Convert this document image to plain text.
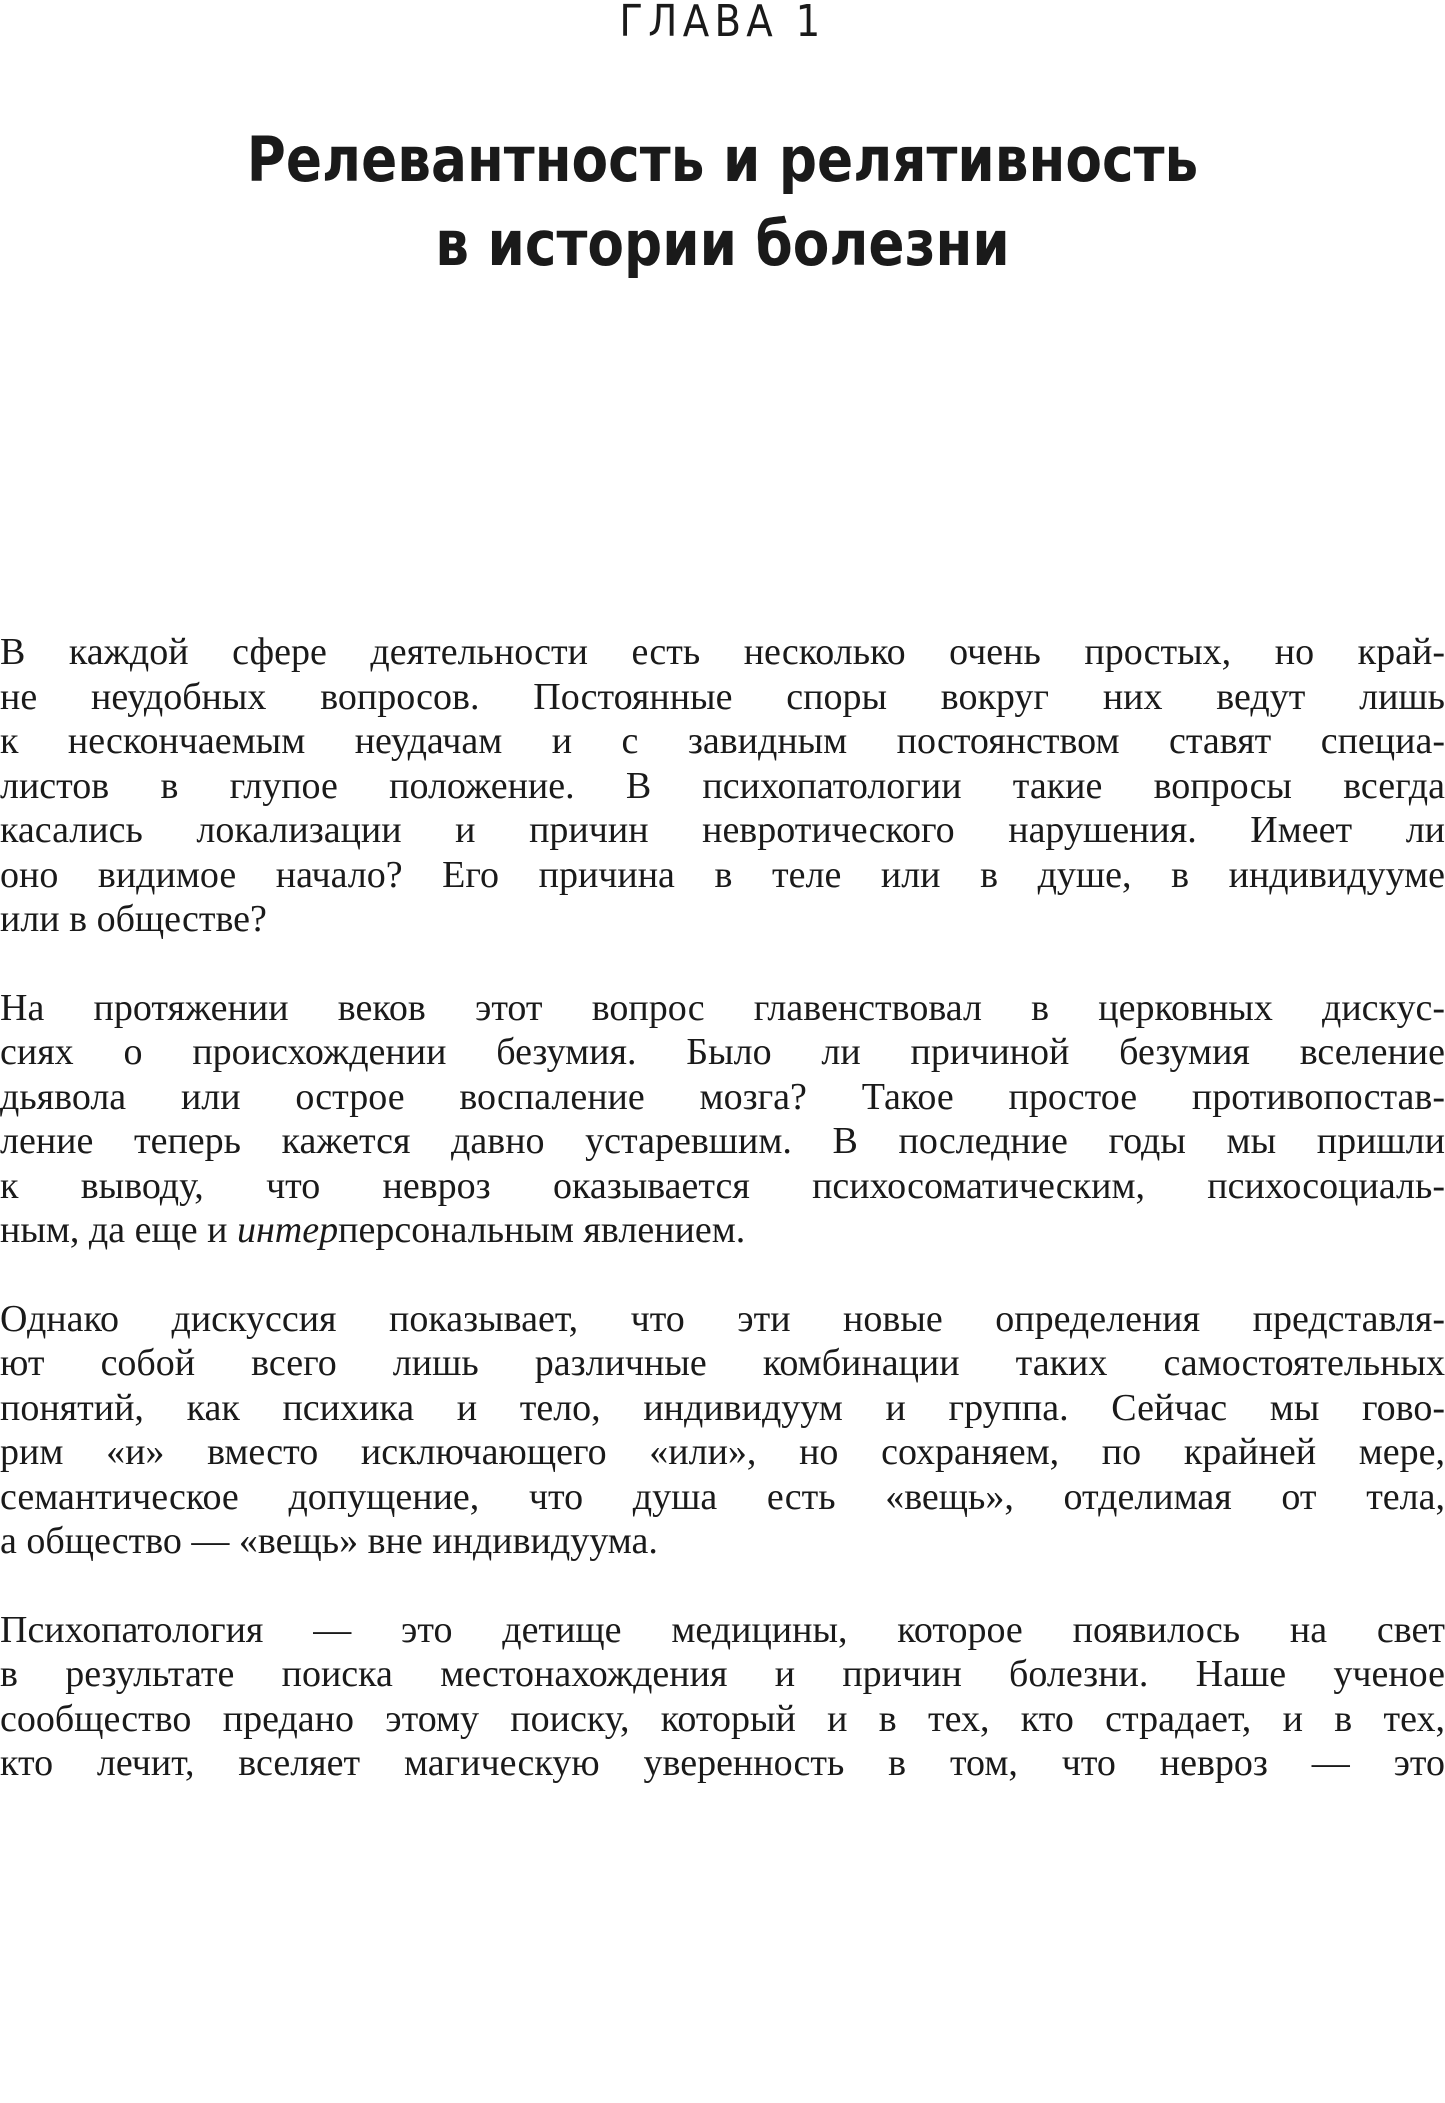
ГЛАВА 1
Релевантность и релятивность
в истории болезни

В каждой сфере деятельности есть несколько очень простых, но край-
не неудобных вопросов. Постоянные споры вокруг них ведут лишь
к нескончаемым неудачам и с завидным постоянством ставят специа-
листов в глупое положение. В психопатологии такие вопросы всегда
касались локализации и причин невротического нарушения. Имеет ли
оно видимое начало? Его причина в теле или в душе, в индивидууме
или в обществе?

На протяжении веков этот вопрос главенствовал в церковных дискус-
сиях о происхождении безумия. Было ли причиной безумия вселение
дьявола или острое воспаление мозга? Такое простое противопостав-
ление теперь кажется давно устаревшим. В последние годы мы пришли
к выводу, что невроз оказывается психосоматическим, психосоциаль-
ным, да еще и интерперсональным явлением.

Однако дискуссия показывает, что эти новые определения представля-
ют собой всего лишь различные комбинации таких самостоятельных
понятий, как психика и тело, индивидуум и группа. Сейчас мы гово-
рим «и» вместо исключающего «или», но сохраняем, по крайней мере,
семантическое допущение, что душа есть «вещь», отделимая от тела,
а общество — «вещь» вне индивидуума.

Психопатология — это детище медицины, которое появилось на свет
в результате поиска местонахождения и причин болезни. Наше ученое
сообщество предано этому поиску, который и в тех, кто страдает, и в тех,
кто лечит, вселяет магическую уверенность в том, что невроз — это
